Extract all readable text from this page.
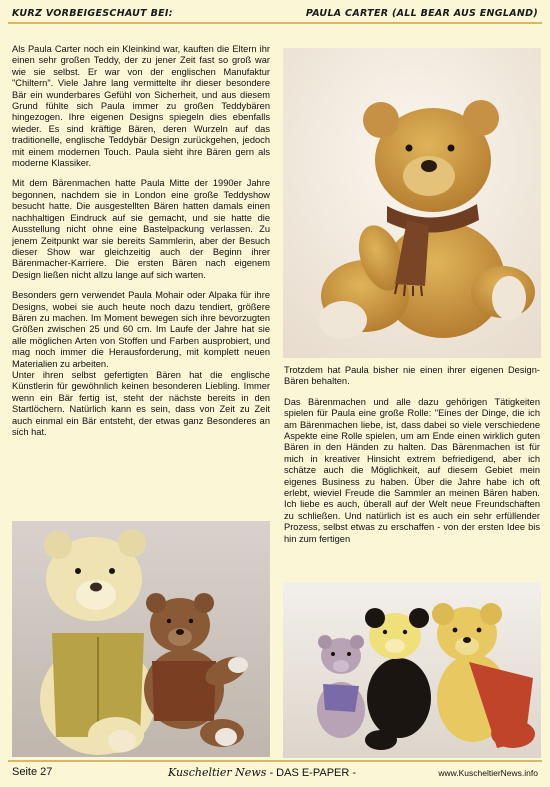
KURZ VORBEIGESCHAUT BEI:	PAULA CARTER (ALL BEAR AUS ENGLAND)

Als Paula Carter noch ein Kleinkind war, kauften die Eltern ihr einen sehr großen Teddy, der zu jener Zeit fast so groß war wie sie selbst. Er war von der englischen Manufaktur "Chiltern". Viele Jahre lang vermittelte ihr dieser besondere Bär ein wunderbares Gefühl von Sicherheit, und aus diesem Grund fühlte sich Paula immer zu großen Teddybären hingezogen. Ihre eigenen Designs spiegeln dies ebenfalls wieder. Es sind kräftige Bären, deren Wurzeln auf das traditionelle, englische Teddybär Design zurückgehen, jedoch mit einem modernen Touch. Paula sieht ihre Bären gern als moderne Klassiker.

Mit dem Bärenmachen hatte Paula Mitte der 1990er Jahre begonnen, nachdem sie in London eine große Teddyshow besucht hatte. Die ausgestellten Bären hatten damals einen nachhaltigen Eindruck auf sie gemacht, und sie hatte die Ausstellung nicht ohne eine Bastelpackung verlassen. Zu jenem Zeitpunkt war sie bereits Sammlerin, aber der Besuch dieser Show war gleichzeitig auch der Beginn ihrer Bärenmacher-Karriere. Die ersten Bären nach eigenem Design ließen nicht allzu lange auf sich warten.

Besonders gern verwendet Paula Mohair oder Alpaka für ihre Designs, wobei sie auch heute noch dazu tendiert, größere Bären zu machen. Im Moment bewegen sich ihre bevorzugten Größen zwischen 25 und 60 cm. Im Laufe der Jahre hat sie alle möglichen Arten von Stoffen und Farben ausprobiert, und mag noch immer die Herausforderung, mit komplett neuen Materialien zu arbeiten.

Unter ihren selbst gefertigten Bären hat die englische Künstlerin für gewöhnlich keinen besonderen Liebling. Immer wenn ein Bär fertig ist, steht der nächste bereits in den Startlöchern. Natürlich kann es sein, dass von Zeit zu Zeit auch einmal ein Bär entsteht, der etwas ganz Besonderes an sich hat.

Trotzdem hat Paula bisher nie einen ihrer eigenen Design-Bären behalten.

Das Bärenmachen und alle dazu gehörigen Tätigkeiten spielen für Paula eine große Rolle: "Eines der Dinge, die ich am Bärenmachen liebe, ist, dass dabei so viele verschiedene Aspekte eine Rolle spielen, um am Ende einen wirklich guten Bären in den Händen zu halten. Das Bärenmachen ist für mich in kreativer Hinsicht extrem befriedigend, aber ich schätze auch die Möglichkeit, auf diesem Gebiet mein eigenes Business zu haben. Über die Jahre habe ich oft erlebt, wieviel Freude die Sammler an meinen Bären haben. Ich liebe es auch, überall auf der Welt neue Freundschaften zu schließen. Und natürlich ist es auch ein sehr erfüllender Prozess, selbst etwas zu erschaffen - von der ersten Idee bis hin zum fertigen

Seite 27	Kuscheltier News - DAS E-PAPER -	www.KuscheltierNews.info
